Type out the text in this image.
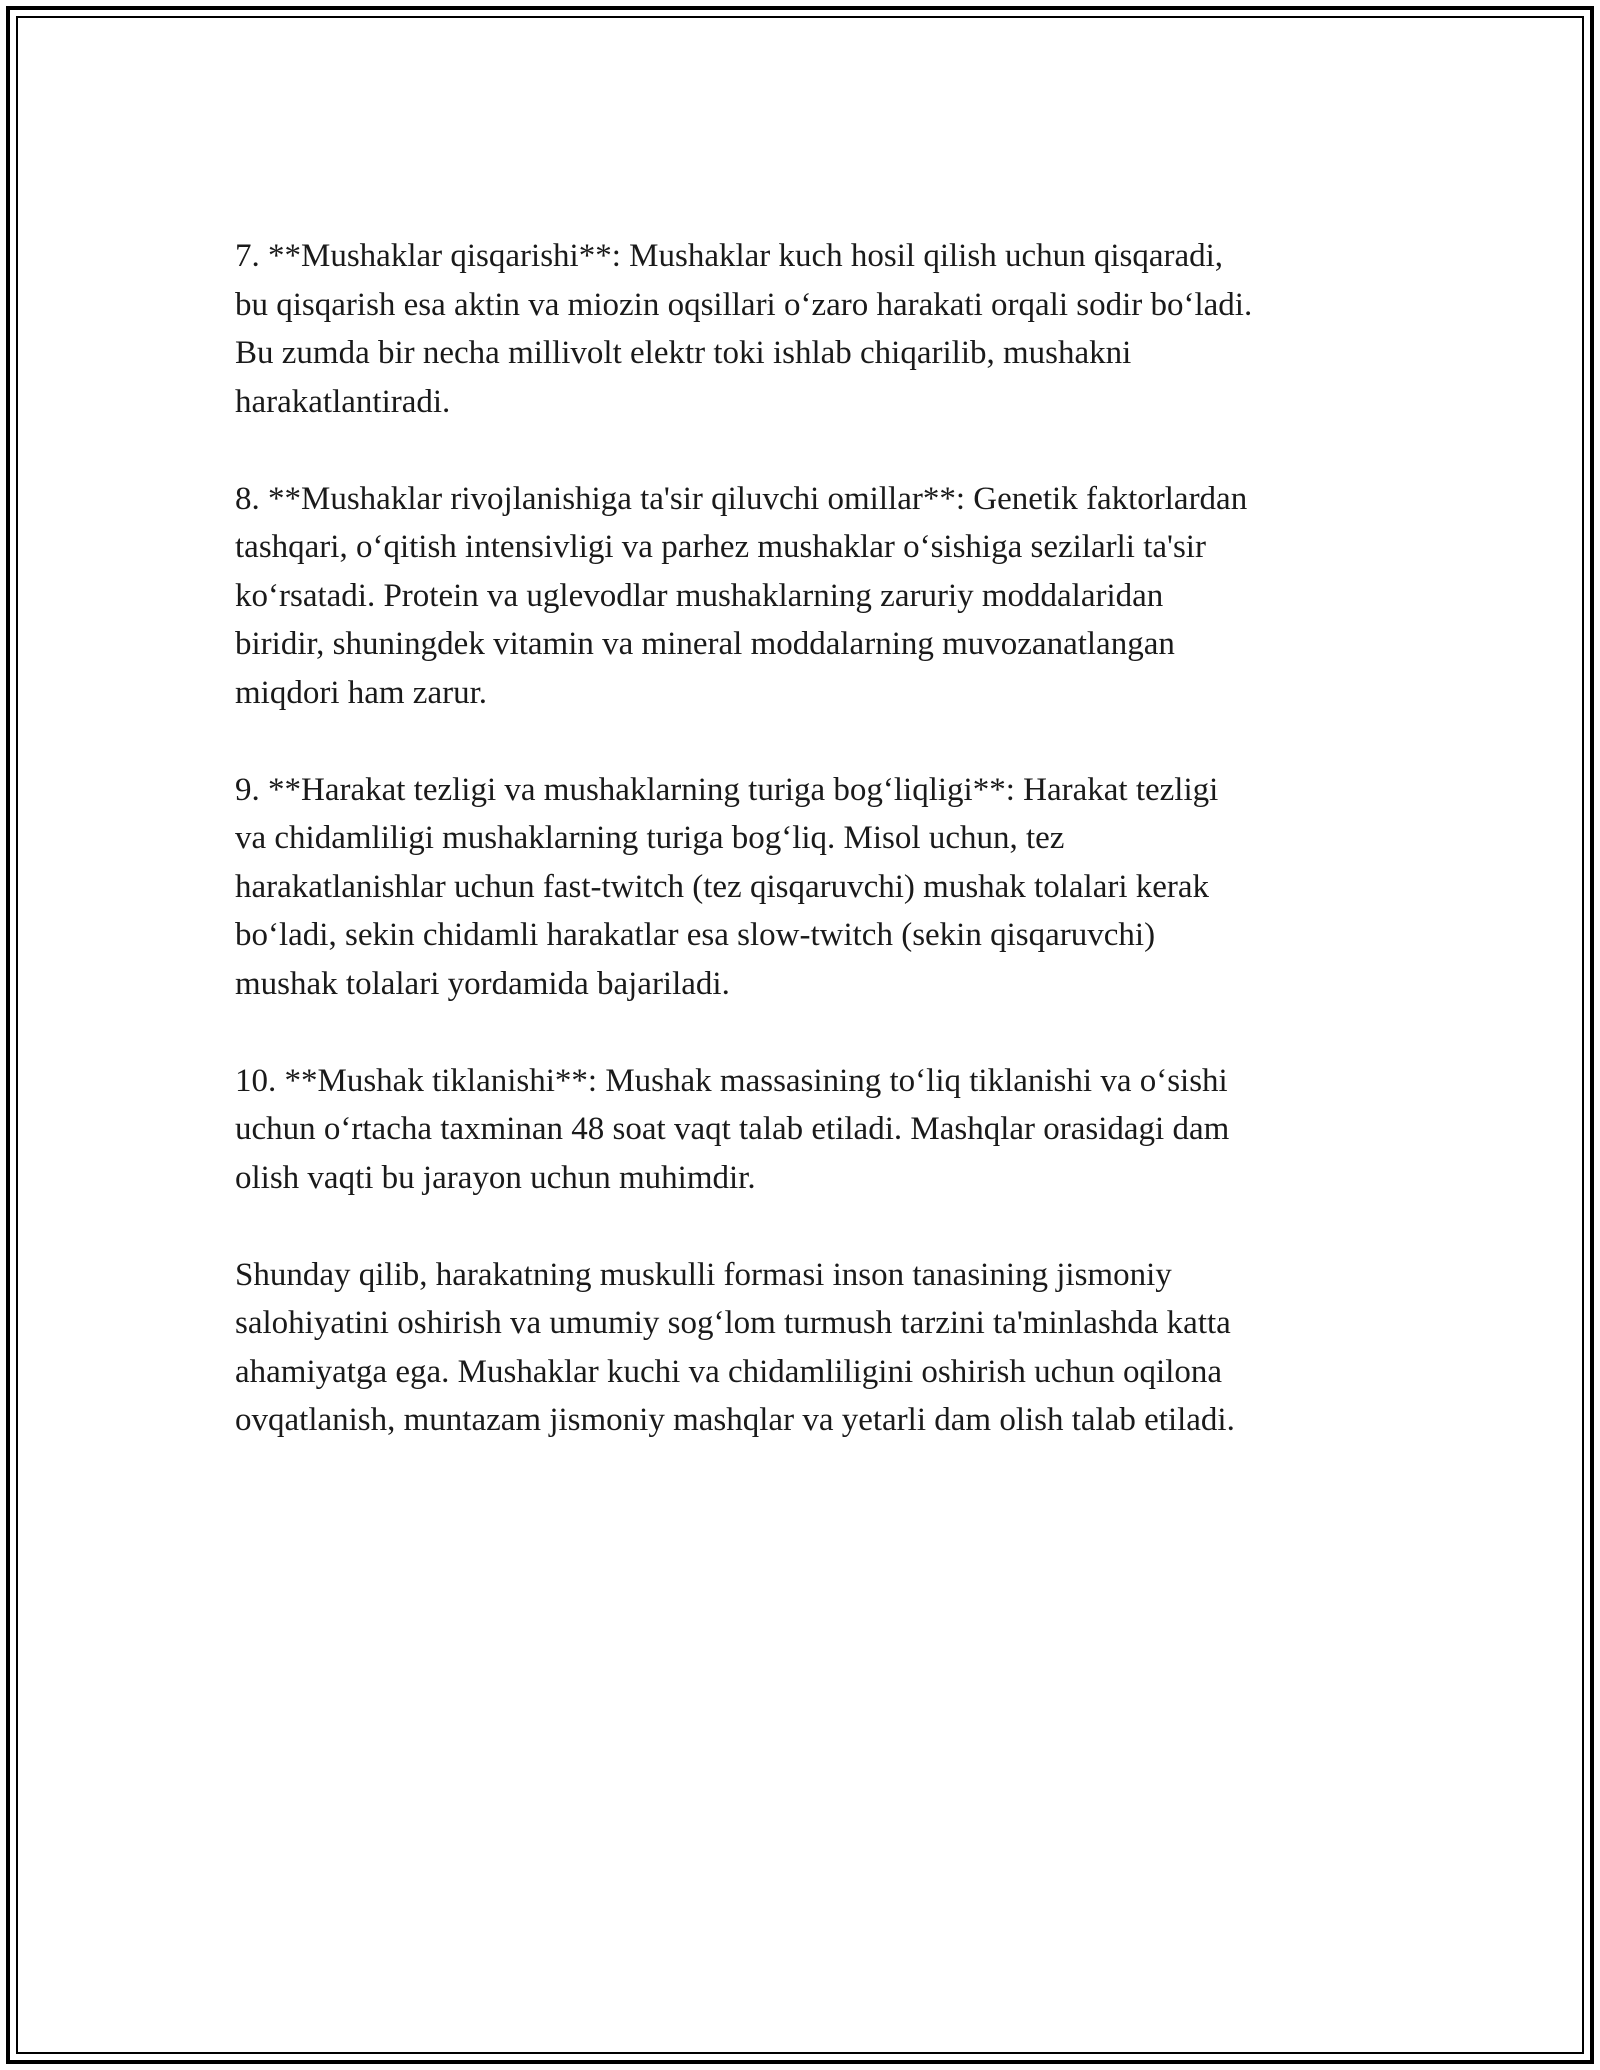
7. **Mushaklar qisqarishi**: Mushaklar kuch hosil qilish uchun qisqaradi,
bu qisqarish esa aktin va miozin oqsillari o‘zaro harakati orqali sodir bo‘ladi.
Bu zumda bir necha millivolt elektr toki ishlab chiqarilib, mushakni
harakatlantiradi.

8. **Mushaklar rivojlanishiga ta'sir qiluvchi omillar**: Genetik faktorlardan
tashqari, o‘qitish intensivligi va parhez mushaklar o‘sishiga sezilarli ta'sir
ko‘rsatadi. Protein va uglevodlar mushaklarning zaruriy moddalaridan
biridir, shuningdek vitamin va mineral moddalarning muvozanatlangan
miqdori ham zarur.

9. **Harakat tezligi va mushaklarning turiga bog‘liqligi**: Harakat tezligi
va chidamliligi mushaklarning turiga bog‘liq. Misol uchun, tez
harakatlanishlar uchun fast-twitch (tez qisqaruvchi) mushak tolalari kerak
bo‘ladi, sekin chidamli harakatlar esa slow-twitch (sekin qisqaruvchi)
mushak tolalari yordamida bajariladi.

10. **Mushak tiklanishi**: Mushak massasining to‘liq tiklanishi va o‘sishi
uchun o‘rtacha taxminan 48 soat vaqt talab etiladi. Mashqlar orasidagi dam
olish vaqti bu jarayon uchun muhimdir.

Shunday qilib, harakatning muskulli formasi inson tanasining jismoniy
salohiyatini oshirish va umumiy sog‘lom turmush tarzini ta'minlashda katta
ahamiyatga ega. Mushaklar kuchi va chidamliligini oshirish uchun oqilona
ovqatlanish, muntazam jismoniy mashqlar va yetarli dam olish talab etiladi.
